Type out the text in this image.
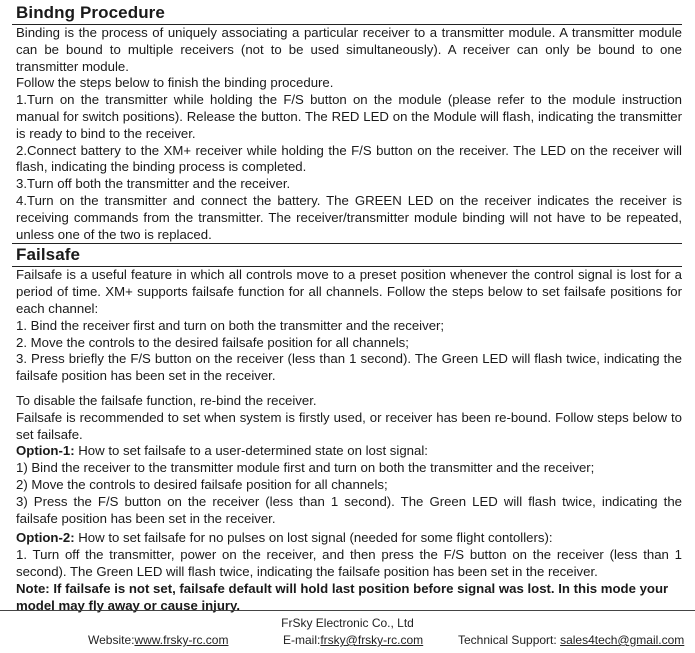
Bindng Procedure

Binding is the process of uniquely associating a particular receiver to a transmitter module. A transmitter module can be bound to multiple receivers (not to be used simultaneously). A receiver can only be bound to one transmitter module.

Follow the steps below to finish the binding procedure.

1.Turn on the transmitter while holding the F/S button on the module (please refer to the module instruction manual for switch positions). Release the button. The RED LED on the Module will flash, indicating the transmitter is ready to bind to the receiver.

2.Connect battery to the XM+ receiver while holding the F/S button on the receiver. The LED on the receiver will flash, indicating the binding process is completed.

3.Turn off both the transmitter and the receiver.

4.Turn on the transmitter and connect the battery. The GREEN LED on the receiver indicates the receiver is receiving commands from the transmitter. The receiver/transmitter module binding will not have to be repeated, unless one of the two is replaced.

Failsafe

Failsafe is a useful feature in which all controls move to a preset position whenever the control signal is lost for a period of time. XM+ supports failsafe function for all channels. Follow the steps below to set failsafe positions for each channel:

1. Bind the receiver first and turn on both the transmitter and the receiver;

2. Move the controls to the desired failsafe position for all channels;

3. Press briefly the F/S button on the receiver (less than 1 second). The Green LED will flash twice, indicating the failsafe position has been set in the receiver.

To disable the failsafe function, re-bind the receiver.

Failsafe is recommended to set when system is firstly used, or receiver has been re-bound. Follow steps below to set failsafe.

Option-1: How to set failsafe to a user-determined state on lost signal:

1) Bind the receiver to the transmitter module first and turn on both the transmitter and the receiver;

2) Move the controls to desired failsafe position for all channels;

3) Press the F/S button on the receiver (less than 1 second). The Green LED will flash twice, indicating the failsafe position has been set in the receiver.

Option-2: How to set failsafe for no pulses on lost signal (needed for some flight contollers):

1. Turn off the transmitter, power on the receiver, and then press the F/S button on the receiver (less than 1 second). The Green LED will flash twice, indicating the failsafe position has been set in the receiver.

Note: If failsafe is not set, failsafe default will hold last position before signal was lost. In this mode your model may fly away or cause injury.

FrSky Electronic Co., Ltd
Website:www.frsky-rc.com	E-mail:frsky@frsky-rc.com	Technical Support: sales4tech@gmail.com
